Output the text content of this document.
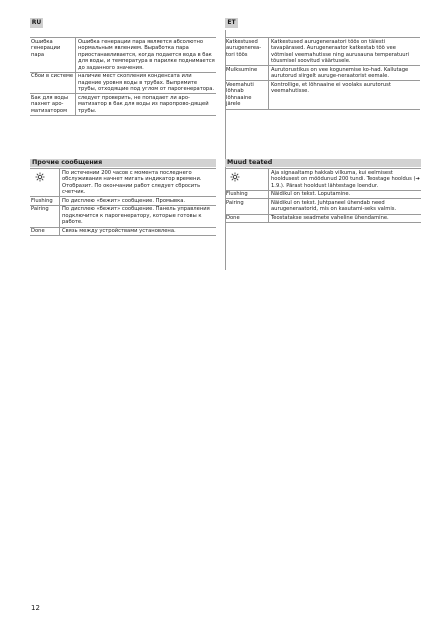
RU	ET
Ошибка генерации пара	Ошибка генерации пара является абсолютно нормальным явлением. Выработка пара приостанавливается, когда подается вода в бак для воды, и температура в парилке поднимается до заданного значения.
Сбои в системе	наличие мест скопления конденсата или падение уровня воды в трубах. Выпрямите трубы, отходящие под углом от парогенератора.
Бак для воды пахнет аро-матизатором	следует проверить, не попадает ли аро-матизатор в бак для воды из паропрово-дящей трубы.
Katkestused aurugenerea-tori töös	Katkestused aurugeneraatori töös on täiesti tavapärased. Aurugeneraator katkestab töö vee võtmisel veemahutisse ning aurusauna temperatuuri tõusmisel soovitud väärtusele.
Mulksumine	Aurutorustikus on vee kogunemise ko-had. Kallutage aurutorud siirgelt auruge-neraatorist eemale.
Veemahuti lõhnab lõhnaaine järele	Kontrollige, et lõhnaaine ei voolaks aurutorust veemahutisse.
Прочие сообщения	Muud teated
	По истечении 200 часов с момента последнего обслуживания начнет мигать индикатор времени. Отобразит. По окончании работ следует сбросить счетчик.
Flushing	По дисплею «бежит» сообщение. Промывка.
Pairing	По дисплею «бежит» сообщение. Панель управления подключится к парогенератору, которые готовы к работе.
Done	Связь между устройствами установлена.
	Aja signaaltamp hakkab vilkuma, kui eelmisest hooldusest on möödunud 200 tundi. Teostage hooldus (➔ 1.9.). Pärast hooldust lähtestage loendur.
Flushing	Näidikul on tekst. Loputamine.
Pairing	Näidikul on tekst. Juhtpaneel ühendab need aurugeneraatorid, mis on kasutami-seks valmis.
Done	Teostatakse seadmete vaheline ühendamine.
12
